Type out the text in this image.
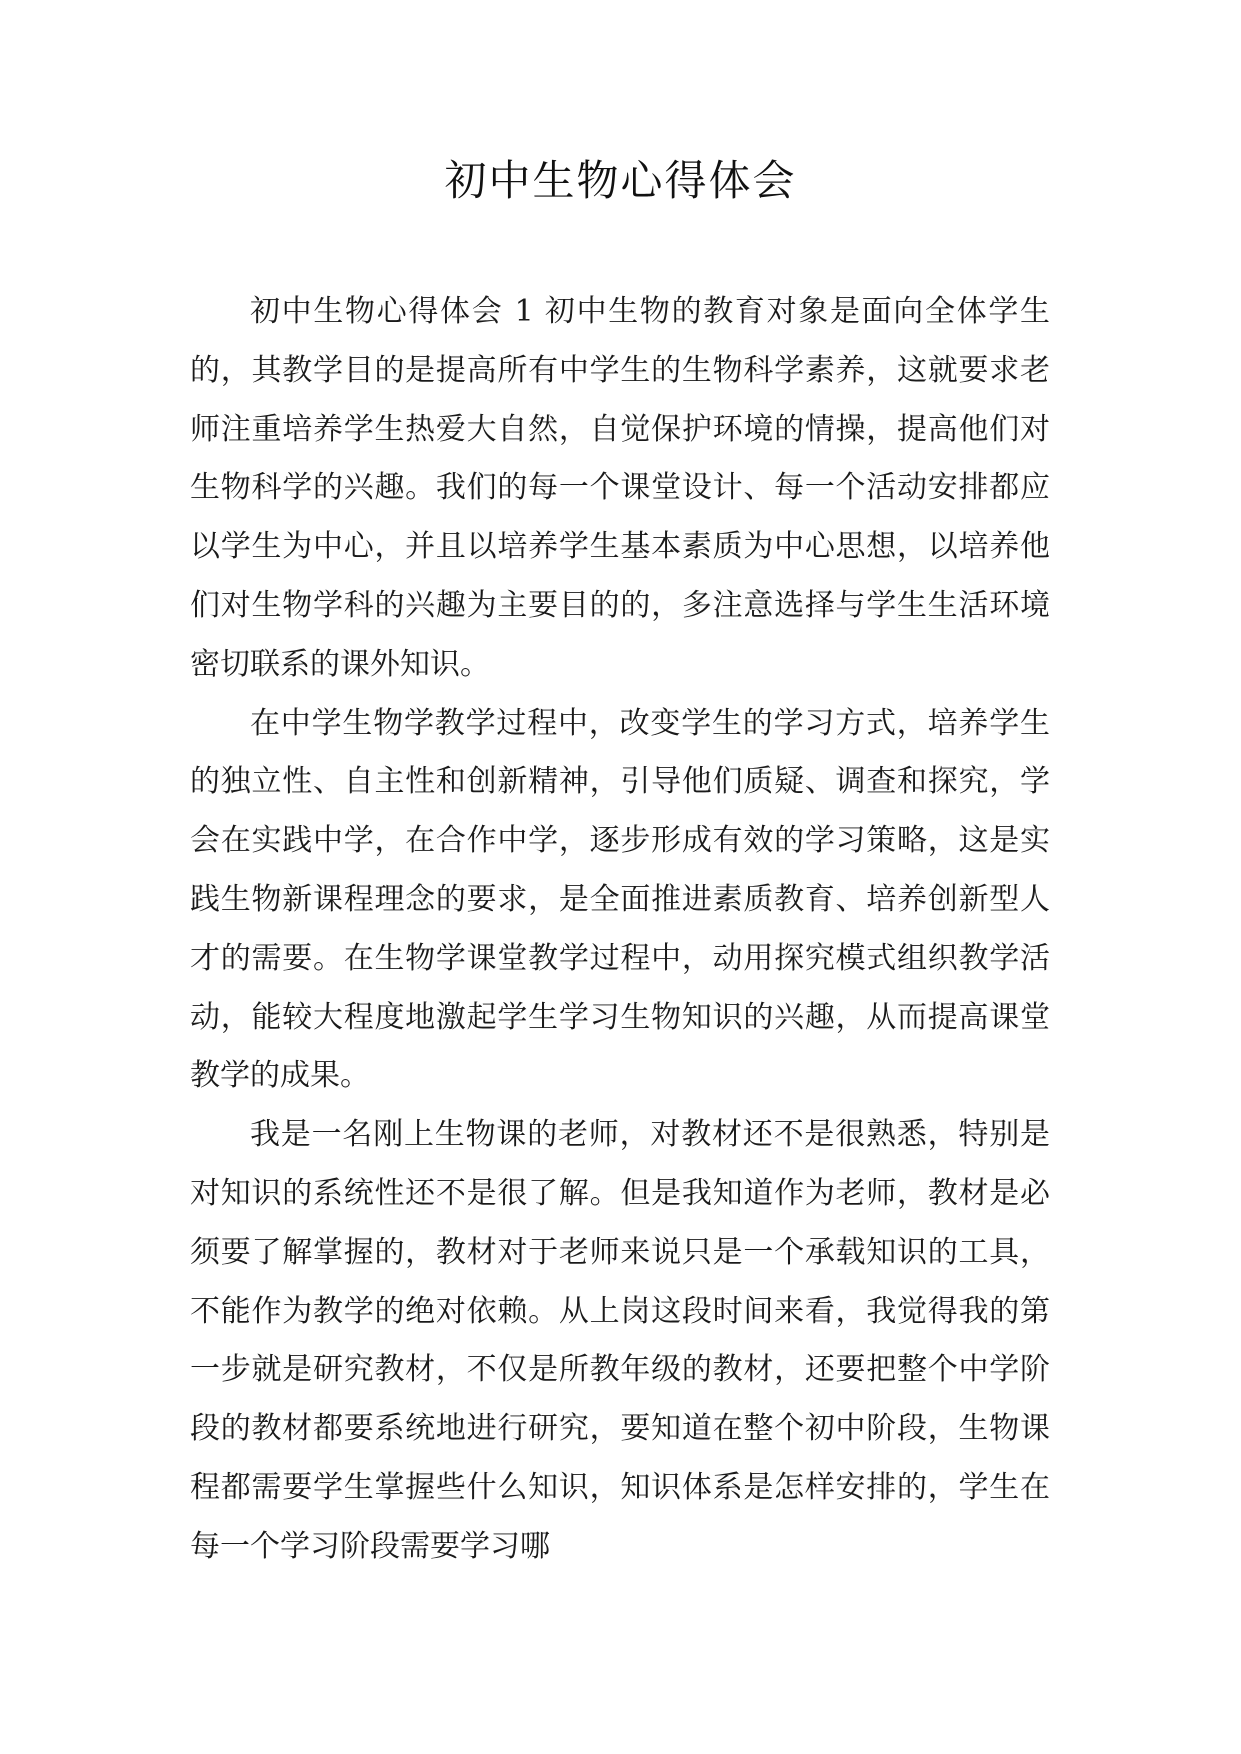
初中生物心得体会

初中生物心得体会 1 初中生物的教育对象是面向全体学生的，其教学目的是提高所有中学生的生物科学素养，这就要求老师注重培养学生热爱大自然，自觉保护环境的情操，提高他们对生物科学的兴趣。我们的每一个课堂设计、每一个活动安排都应以学生为中心，并且以培养学生基本素质为中心思想，以培养他们对生物学科的兴趣为主要目的的，多注意选择与学生生活环境密切联系的课外知识。

在中学生物学教学过程中，改变学生的学习方式，培养学生的独立性、自主性和创新精神，引导他们质疑、调查和探究，学会在实践中学，在合作中学，逐步形成有效的学习策略，这是实践生物新课程理念的要求，是全面推进素质教育、培养创新型人才的需要。在生物学课堂教学过程中，动用探究模式组织教学活动，能较大程度地激起学生学习生物知识的兴趣，从而提高课堂教学的成果。

我是一名刚上生物课的老师，对教材还不是很熟悉，特别是对知识的系统性还不是很了解。但是我知道作为老师，教材是必须要了解掌握的，教材对于老师来说只是一个承载知识的工具，不能作为教学的绝对依赖。从上岗这段时间来看，我觉得我的第一步就是研究教材，不仅是所教年级的教材，还要把整个中学阶段的教材都要系统地进行研究，要知道在整个初中阶段，生物课程都需要学生掌握些什么知识，知识体系是怎样安排的，学生在每一个学习阶段需要学习哪
